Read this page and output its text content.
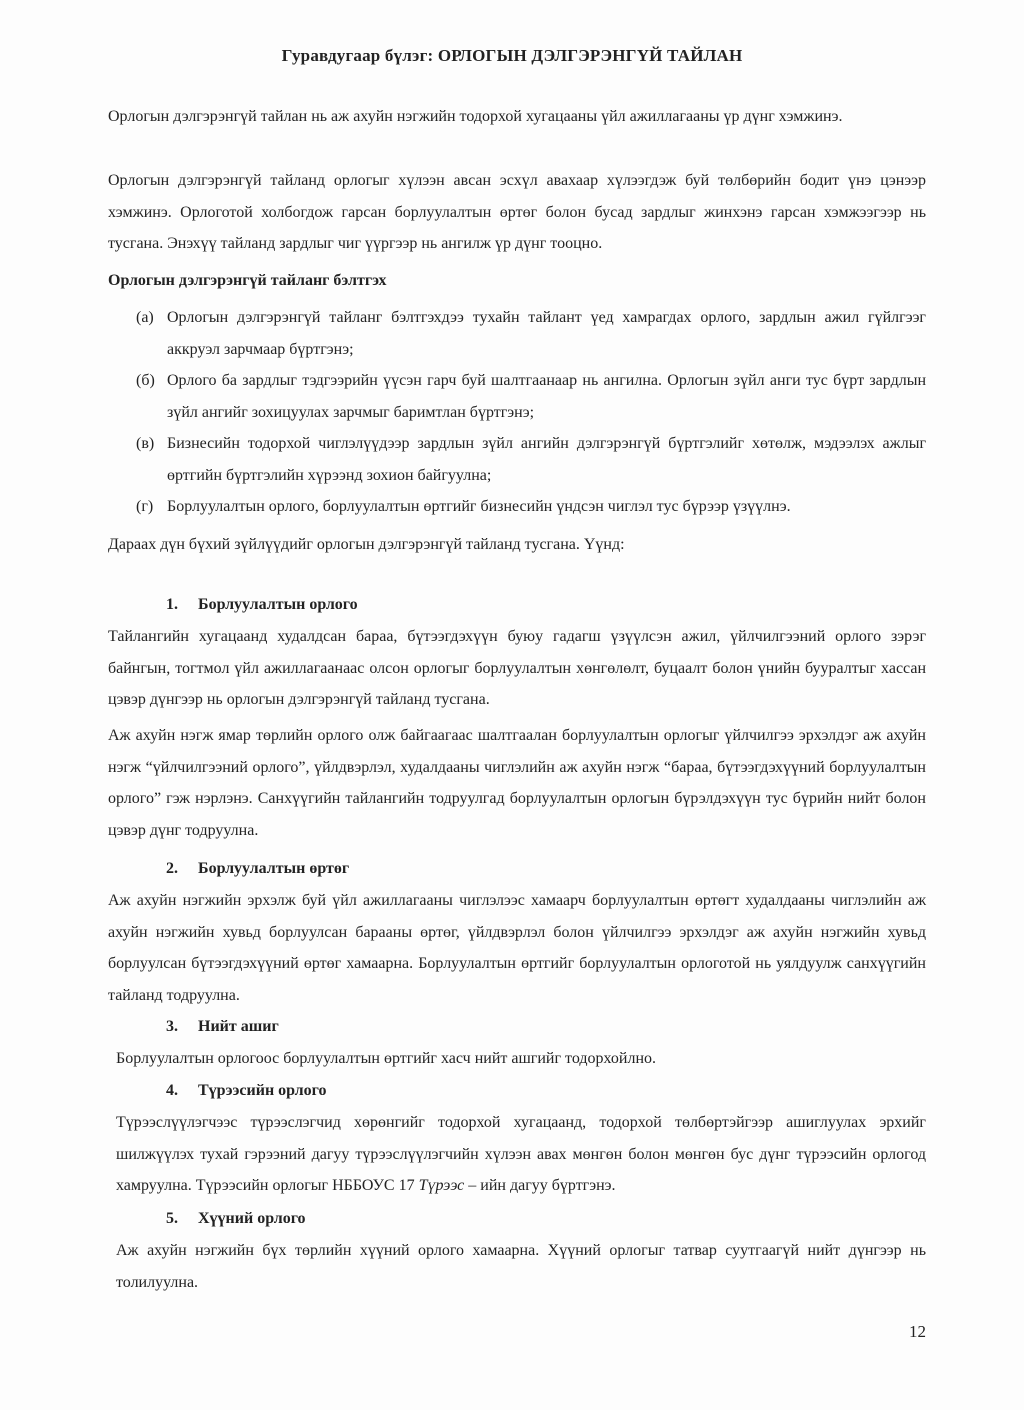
Гуравдугаар бүлэг: ОРЛОГЫН ДЭЛГЭРЭНГҮЙ ТАЙЛАН

Орлогын дэлгэрэнгүй тайлан нь аж ахуйн нэгжийн тодорхой хугацааны үйл ажиллагааны үр дүнг хэмжинэ.

Орлогын дэлгэрэнгүй тайланд орлогыг хүлээн авсан эсхүл авахаар хүлээгдэж буй төлбөрийн бодит үнэ цэнээр хэмжинэ. Орлоготой холбогдож гарсан борлуулалтын өртөг болон бусад зардлыг жинхэнэ гарсан хэмжээгээр нь тусгана. Энэхүү тайланд зардлыг чиг үүргээр нь ангилж үр дүнг тооцно.

Орлогын дэлгэрэнгүй тайланг бэлтгэх

(а) Орлогын дэлгэрэнгүй тайланг бэлтгэхдээ тухайн тайлант үед хамрагдах орлого, зардлын ажил гүйлгээг аккруэл зарчмаар бүртгэнэ;
(б) Орлого ба зардлыг тэдгээрийн үүсэн гарч буй шалтгаанаар нь ангилна. Орлогын зүйл анги тус бүрт зардлын зүйл ангийг зохицуулах зарчмыг баримтлан бүртгэнэ;
(в) Бизнесийн тодорхой чиглэлүүдээр зардлын зүйл ангийн дэлгэрэнгүй бүртгэлийг хөтөлж, мэдээлэх ажлыг өртгийн бүртгэлийн хүрээнд зохион байгуулна;
(г) Борлуулалтын орлого, борлуулалтын өртгийг бизнесийн үндсэн чиглэл тус бүрээр үзүүлнэ.

Дараах дүн бүхий зүйлүүдийг орлогын дэлгэрэнгүй тайланд тусгана. Үүнд:

1. Борлуулалтын орлого

Тайлангийн хугацаанд худалдсан бараа, бүтээгдэхүүн буюу гадагш үзүүлсэн ажил, үйлчилгээний орлого зэрэг байнгын, тогтмол үйл ажиллагаанаас олсон орлогыг борлуулалтын хөнгөлөлт, буцаалт болон үнийн бууралтыг хассан цэвэр дүнгээр нь орлогын дэлгэрэнгүй тайланд тусгана.

Аж ахуйн нэгж ямар төрлийн орлого олж байгаагаас шалтгаалан борлуулалтын орлогыг үйлчилгээ эрхэлдэг аж ахуйн нэгж “үйлчилгээний орлого”, үйлдвэрлэл, худалдааны чиглэлийн аж ахуйн нэгж “бараа, бүтээгдэхүүний борлуулалтын орлого” гэж нэрлэнэ. Санхүүгийн тайлангийн тодруулгад борлуулалтын орлогын бүрэлдэхүүн тус бүрийн нийт болон цэвэр дүнг тодруулна.

2. Борлуулалтын өртөг

Аж ахуйн нэгжийн эрхэлж буй үйл ажиллагааны чиглэлээс хамаарч борлуулалтын өртөгт худалдааны чиглэлийн аж ахуйн нэгжийн хувьд борлуулсан барааны өртөг, үйлдвэрлэл болон үйлчилгээ эрхэлдэг аж ахуйн нэгжийн хувьд борлуулсан бүтээгдэхүүний өртөг хамаарна. Борлуулалтын өртгийг борлуулалтын орлоготой нь уялдуулж санхүүгийн тайланд тодруулна.

3. Нийт ашиг

Борлуулалтын орлогоос борлуулалтын өртгийг хасч нийт ашгийг тодорхойлно.

4. Түрээсийн орлого

Түрээслүүлэгчээс түрээслэгчид хөрөнгийг тодорхой хугацаанд, тодорхой төлбөртэйгээр ашиглуулах эрхийг шилжүүлэх тухай гэрээний дагуу түрээслүүлэгчийн хүлээн авах мөнгөн болон мөнгөн бус дүнг түрээсийн орлогод хамруулна. Түрээсийн орлогыг НББОУС 17 Түрээс – ийн дагуу бүртгэнэ.

5. Хүүний орлого

Аж ахуйн нэгжийн бүх төрлийн хүүний орлого хамаарна. Хүүний орлогыг татвар суутгаагүй нийт дүнгээр нь толилуулна.

12
